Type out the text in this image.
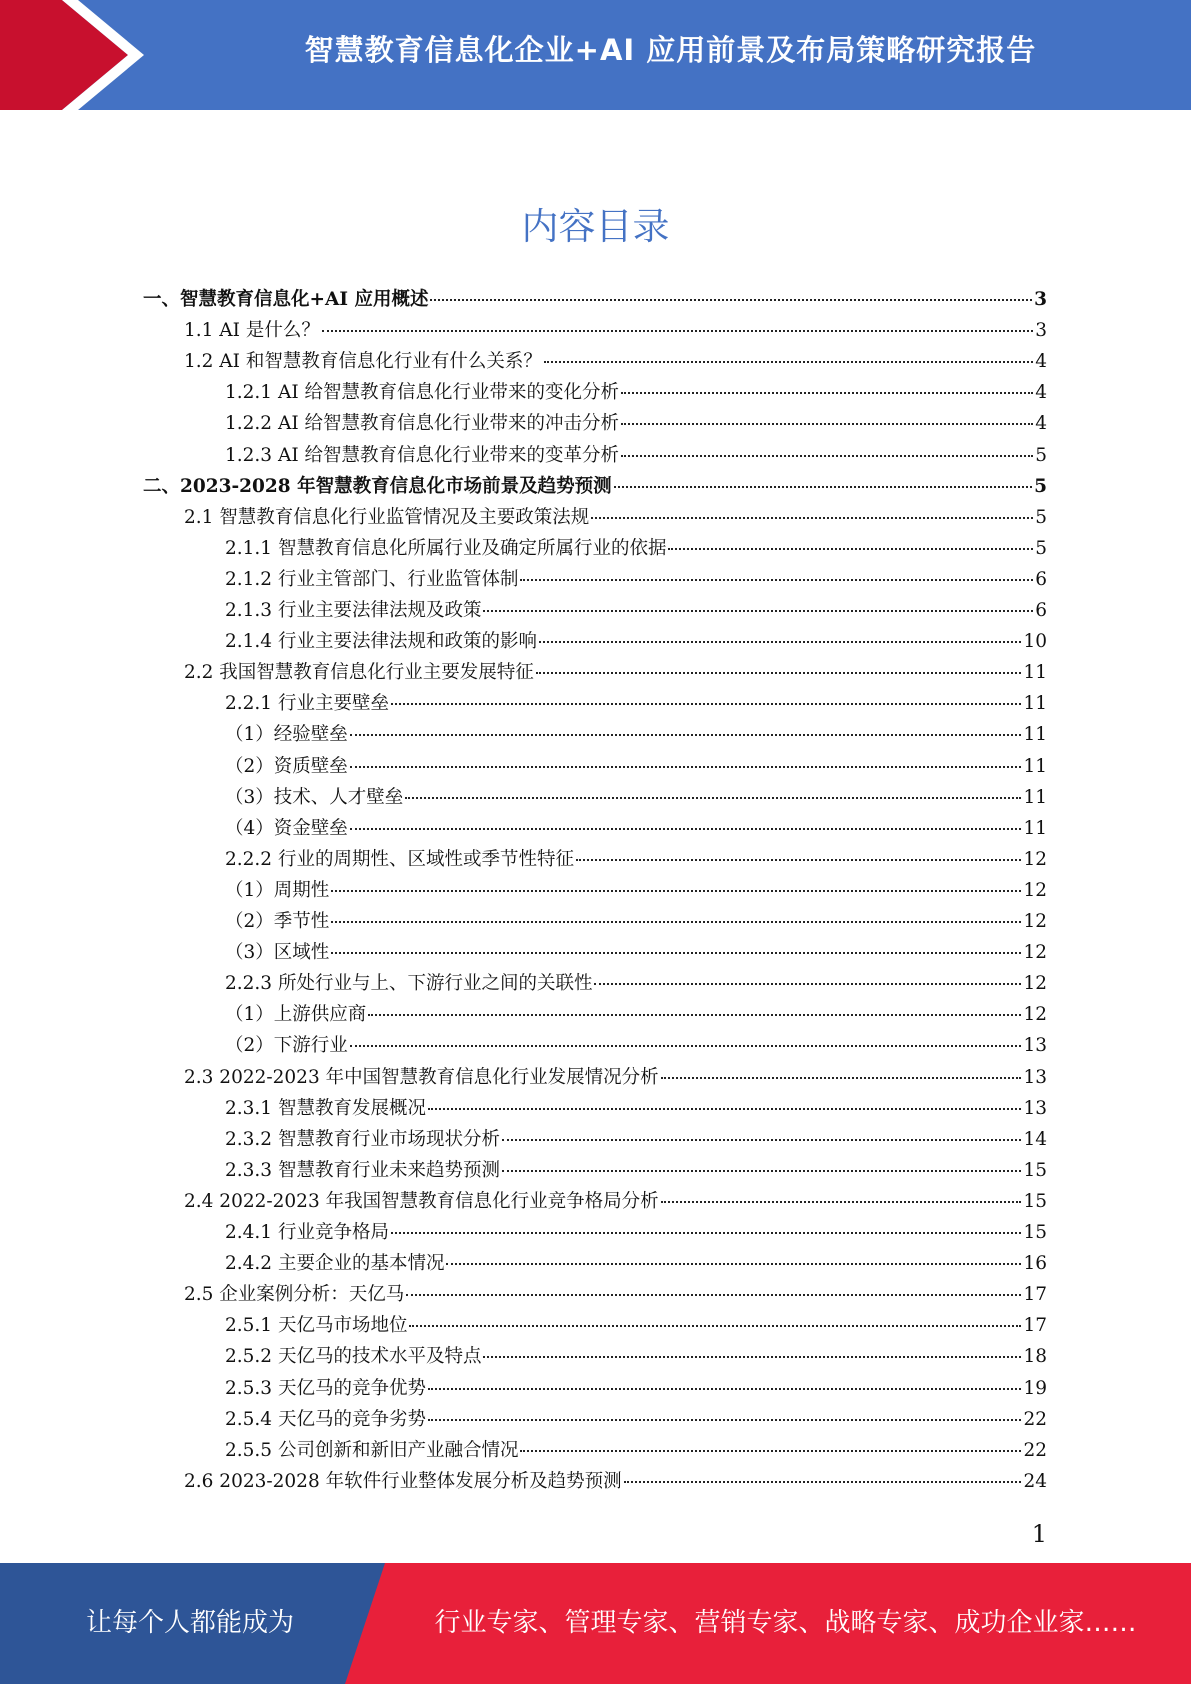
智慧教育信息化企业+AI 应用前景及布局策略研究报告
内容目录
一、智慧教育信息化+AI 应用概述	3
1.1 AI 是什么？	3
1.2 AI 和智慧教育信息化行业有什么关系？	4
1.2.1 AI 给智慧教育信息化行业带来的变化分析	4
1.2.2 AI 给智慧教育信息化行业带来的冲击分析	4
1.2.3 AI 给智慧教育信息化行业带来的变革分析	5
二、2023-2028 年智慧教育信息化市场前景及趋势预测	5
2.1 智慧教育信息化行业监管情况及主要政策法规	5
2.1.1 智慧教育信息化所属行业及确定所属行业的依据	5
2.1.2 行业主管部门、行业监管体制	6
2.1.3 行业主要法律法规及政策	6
2.1.4 行业主要法律法规和政策的影响	10
2.2 我国智慧教育信息化行业主要发展特征	11
2.2.1 行业主要壁垒	11
（1）经验壁垒	11
（2）资质壁垒	11
（3）技术、人才壁垒	11
（4）资金壁垒	11
2.2.2 行业的周期性、区域性或季节性特征	12
（1）周期性	12
（2）季节性	12
（3）区域性	12
2.2.3 所处行业与上、下游行业之间的关联性	12
（1）上游供应商	12
（2）下游行业	13
2.3 2022-2023 年中国智慧教育信息化行业发展情况分析	13
2.3.1 智慧教育发展概况	13
2.3.2 智慧教育行业市场现状分析	14
2.3.3 智慧教育行业未来趋势预测	15
2.4 2022-2023 年我国智慧教育信息化行业竞争格局分析	15
2.4.1 行业竞争格局	15
2.4.2 主要企业的基本情况	16
2.5 企业案例分析：天亿马	17
2.5.1 天亿马市场地位	17
2.5.2 天亿马的技术水平及特点	18
2.5.3 天亿马的竞争优势	19
2.5.4 天亿马的竞争劣势	22
2.5.5 公司创新和新旧产业融合情况	22
2.6 2023-2028 年软件行业整体发展分析及趋势预测	24
1
让每个人都能成为	行业专家、管理专家、营销专家、战略专家、成功企业家……
